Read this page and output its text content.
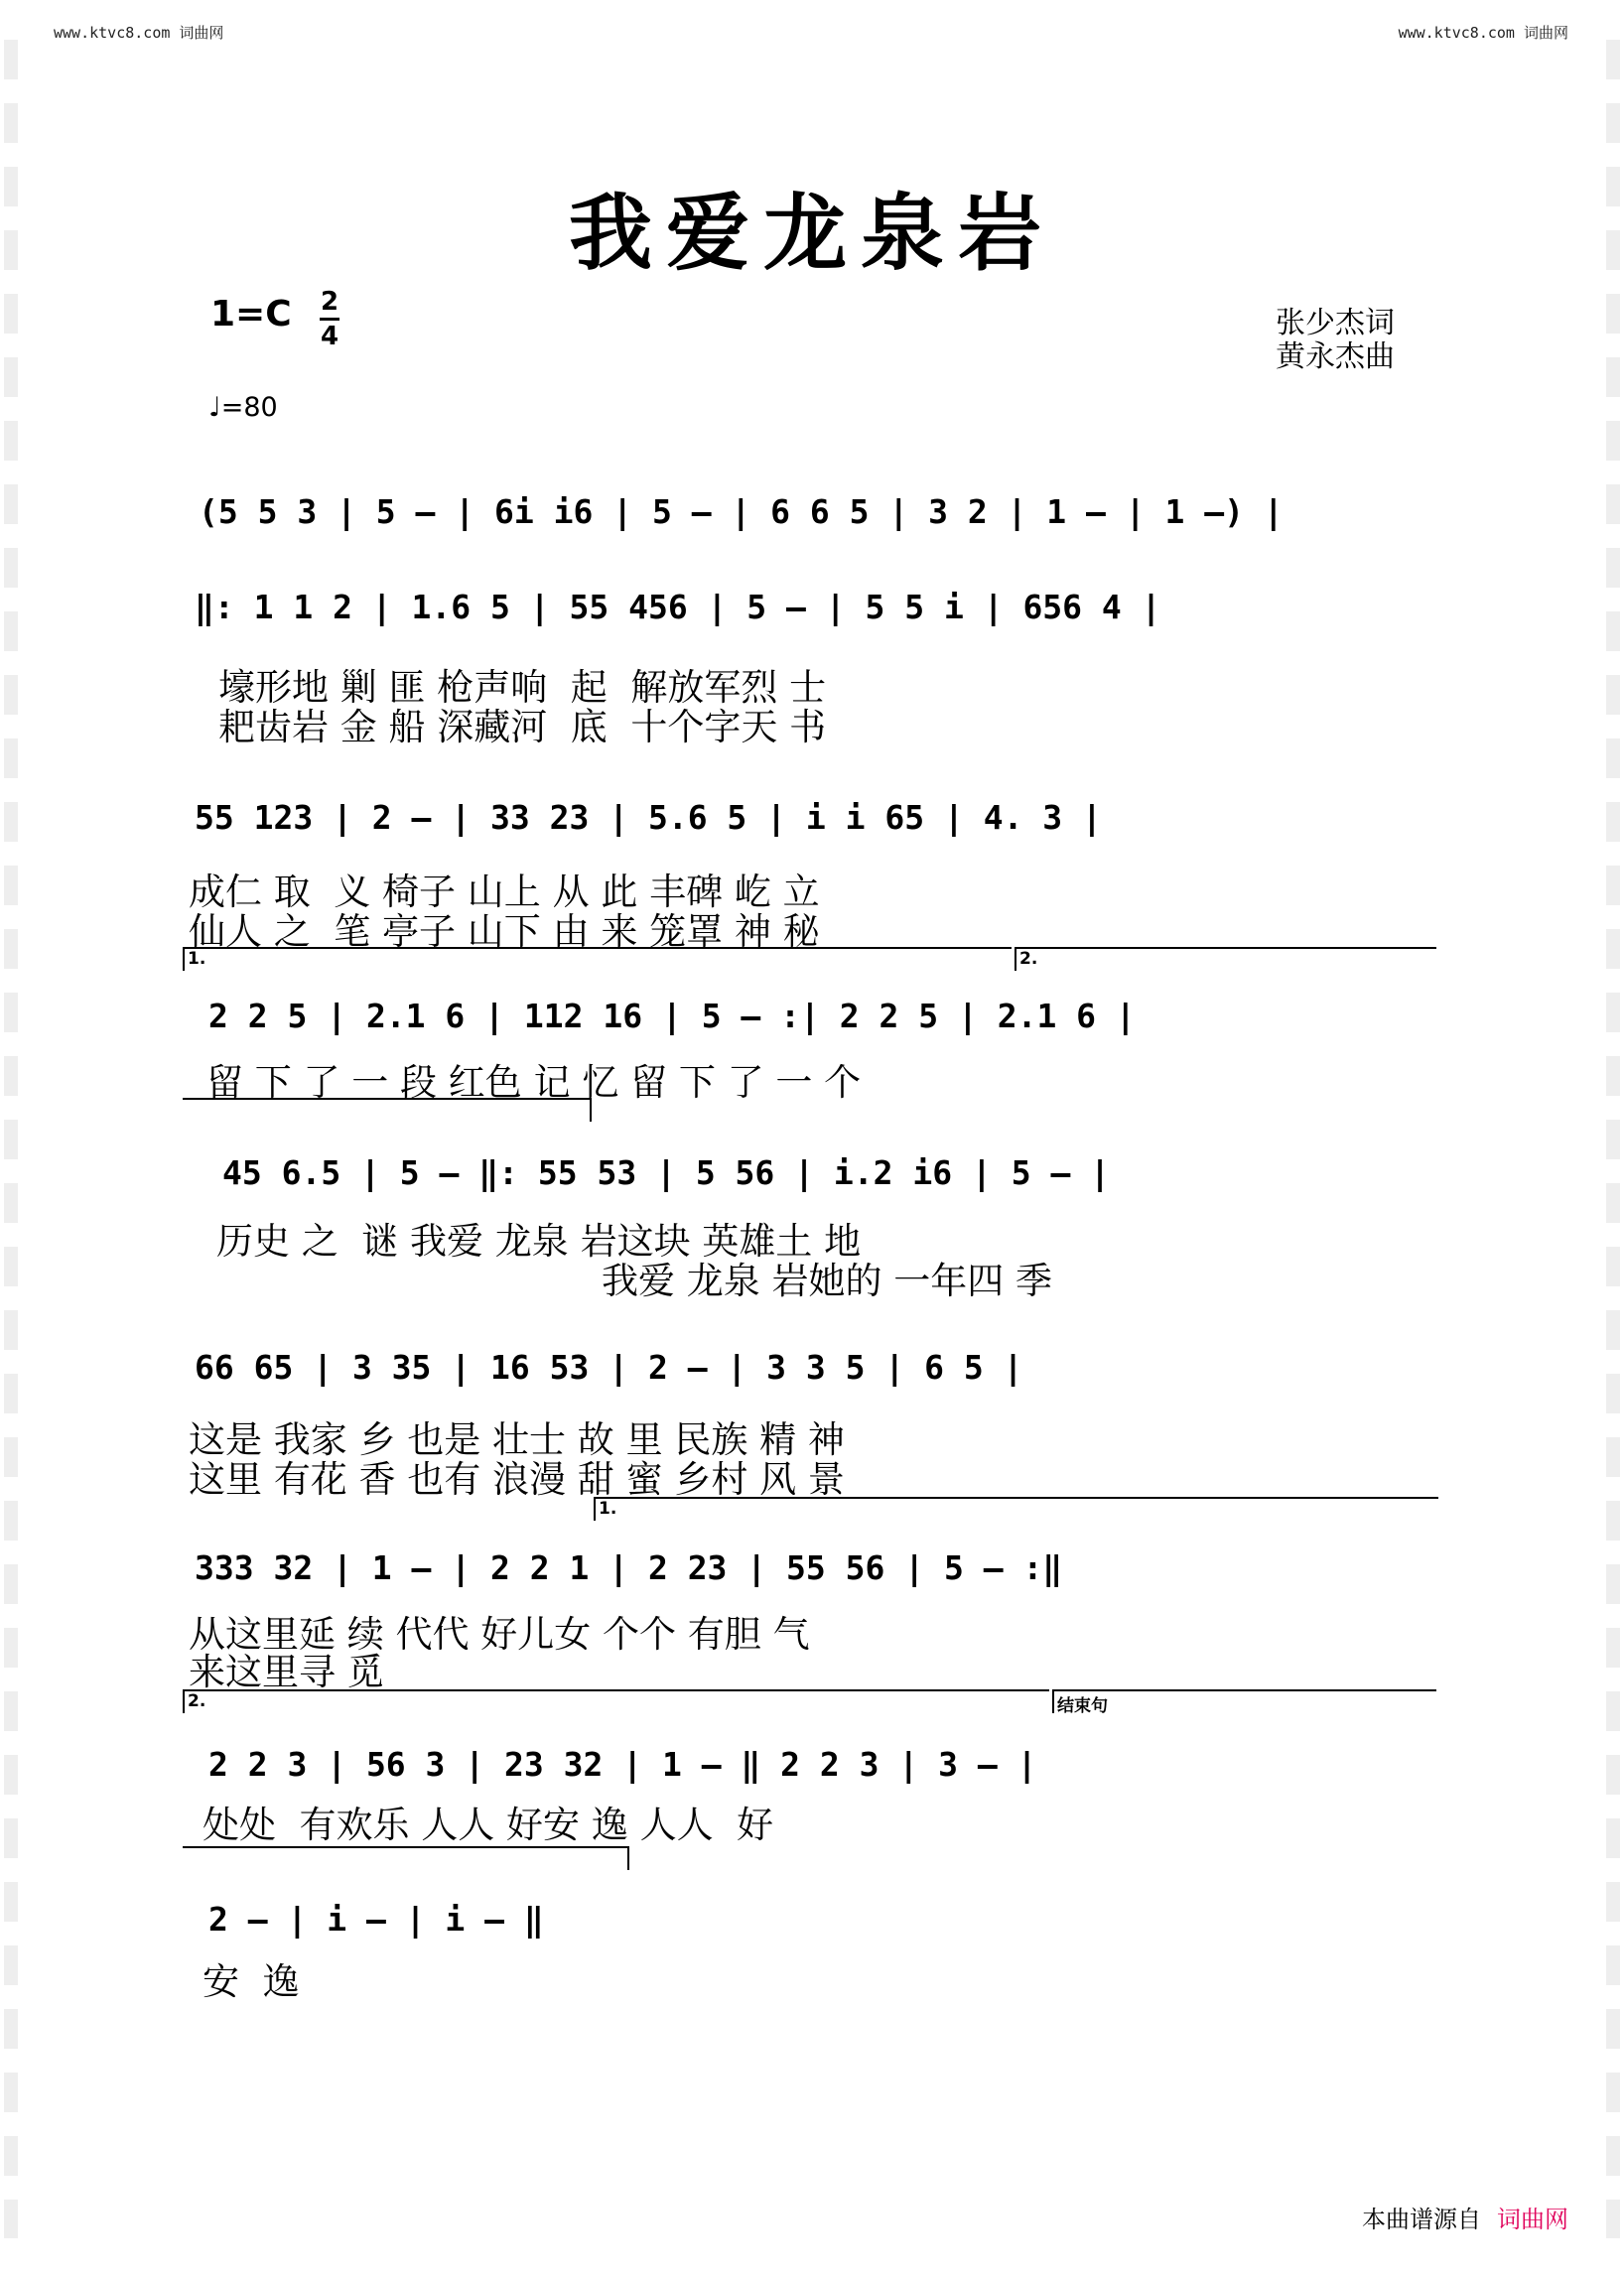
www.ktvc8.com 词曲网	www.ktvc8.com 词曲网
我爱龙泉岩
1=C 2
4
♩=80
张少杰词
黄永杰曲
(5 5 3 | 5 – | 6i i6 | 5 – | 6 6 5 | 3 2 | 1 – | 1 –) |
‖: 1 1 2 | 1.6 5 | 55 456 | 5 – | 5 5 i | 656 4 |
壕形地 剿 匪 枪声响  起  解放军烈 士
耙齿岩 金 船 深藏河  底  十个字天 书
55 123 | 2 – | 33 23 | 5.6 5 | i i 65 | 4. 3 |
成仁 取  义 椅子 山上 从 此 丰碑 屹 立
仙人 之  笔 亭子 山下 由 来 笼罩 神 秘
1.	2.
2 2 5 | 2.1 6 | 112 16 | 5 – :| 2 2 5 | 2.1 6 |
留 下 了 一 段 红色 记 忆 留 下 了 一 个
45 6.5 | 5 – ‖: 55 53 | 5 56 | i.2 i6 | 5 – |
历史 之  谜 我爱 龙泉 岩这块 英雄土 地
我爱 龙泉 岩她的 一年四 季
66 65 | 3 35 | 16 53 | 2 – | 3 3 5 | 6 5 |
这是 我家 乡 也是 壮士 故 里 民族 精 神
这里 有花 香 也有 浪漫 甜 蜜 乡村 风 景
1.
333 32 | 1 – | 2 2 1 | 2 23 | 55 56 | 5 – :‖
从这里延 续 代代 好儿女 个个 有胆 气
来这里寻 觅
2.	结束句
2 2 3 | 56 3 | 23 32 | 1 – ‖ 2 2 3 | 3 – |
处处  有欢乐 人人 好安 逸 人人  好
2 – | i – | i – ‖
安  逸
本曲谱源自 词曲网
